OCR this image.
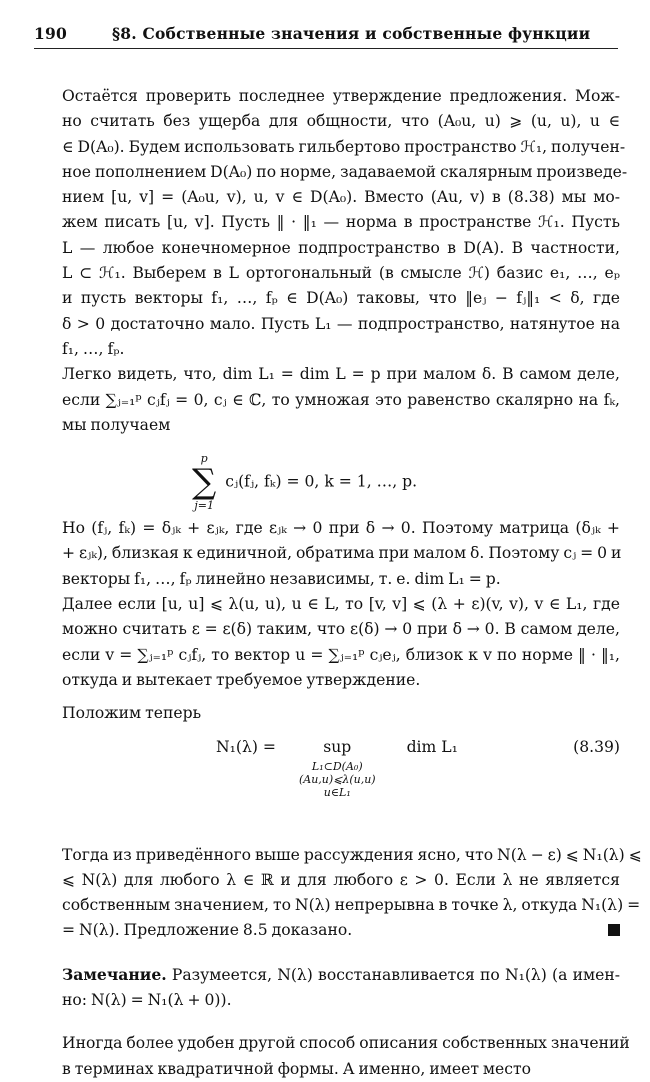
190	§8. Собственные значения и собственные функции

Остаётся проверить последнее утверждение предложения. Мож-
но считать без ущерба для общности, что (A₀u, u) ⩾ (u, u), u ∈
∈ D(A₀). Будем использовать гильбертово пространство ℋ₁, получен-
ное пополнением D(A₀) по норме, задаваемой скалярным произведе-
нием [u, v] = (A₀u, v), u, v ∈ D(A₀). Вместо (Au, v) в (8.38) мы мо-
жем писать [u, v]. Пусть ‖ · ‖₁ — норма в пространстве ℋ₁. Пусть
L — любое конечномерное подпространство в D(A). В частности,
L ⊂ ℋ₁. Выберем в L ортогональный (в смысле ℋ) базис e₁, …, eₚ
и пусть векторы f₁, …, fₚ ∈ D(A₀) таковы, что ‖eⱼ − fⱼ‖₁ < δ, где
δ > 0 достаточно мало. Пусть L₁ — подпространство, натянутое на
f₁, …, fₚ.

Легко видеть, что, dim L₁ = dim L = p при малом δ. В самом деле,
если ∑ⱼ₌₁ᵖ cⱼfⱼ = 0, cⱼ ∈ ℂ, то умножая это равенство скалярно на fₖ,
мы получаем

p
∑
j=1
cⱼ(fⱼ, fₖ) = 0, k = 1, …, p.

Но (fⱼ, fₖ) = δⱼₖ + εⱼₖ, где εⱼₖ → 0 при δ → 0. Поэтому матрица (δⱼₖ +
+ εⱼₖ), близкая к единичной, обратима при малом δ. Поэтому cⱼ = 0 и
векторы f₁, …, fₚ линейно независимы, т. е. dim L₁ = p.

Далее если [u, u] ⩽ λ(u, u), u ∈ L, то [v, v] ⩽ (λ + ε)(v, v), v ∈ L₁, где
можно считать ε = ε(δ) таким, что ε(δ) → 0 при δ → 0. В самом деле,
если v = ∑ⱼ₌₁ᵖ cⱼfⱼ, то вектор u = ∑ⱼ₌₁ᵖ cⱼeⱼ, близок к v по норме ‖ · ‖₁,
откуда и вытекает требуемое утверждение.

Положим теперь

N₁(λ) =	sup
L₁⊂D(A₀)
(Au,u)⩽λ(u,u)
u∈L₁
dim L₁	(8.39)

Тогда из приведённого выше рассуждения ясно, что N(λ − ε) ⩽ N₁(λ) ⩽
⩽ N(λ) для любого λ ∈ ℝ и для любого ε > 0. Если λ не является
собственным значением, то N(λ) непрерывна в точке λ, откуда N₁(λ) =
= N(λ). Предложение 8.5 доказано.

Замечание. Разумеется, N(λ) восстанавливается по N₁(λ) (а имен-
но: N(λ) = N₁(λ + 0)).

Иногда более удобен другой способ описания собственных значений
в терминах квадратичной формы. А именно, имеет место
